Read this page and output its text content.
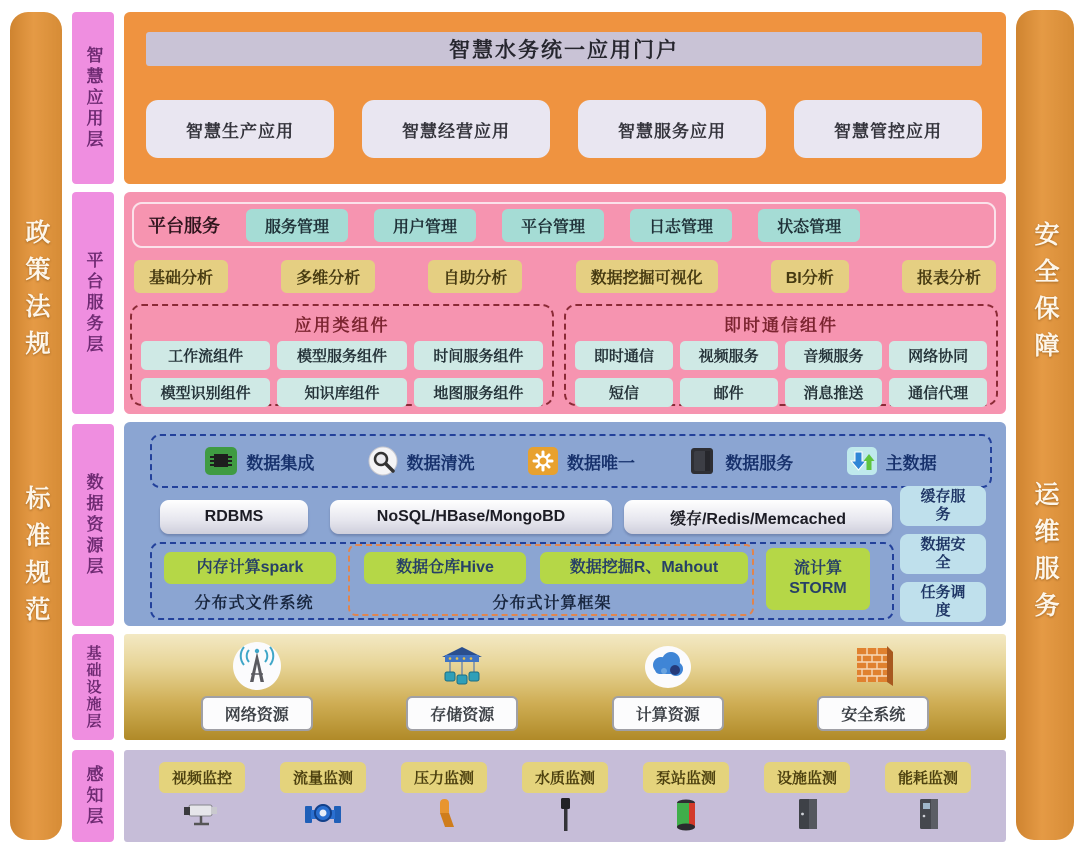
政策法规
标准规范
安全保障
运维服务
智慧应用层
平台服务层
数据资源层
基础设施层
感知层
智慧水务统一应用门户
智慧生产应用	智慧经营应用	智慧服务应用	智慧管控应用
平台服务	服务管理	用户管理	平台管理	日志管理	状态管理
基础分析	多维分析	自助分析	数据挖掘可视化	BI分析	报表分析
应用类组件
工作流组件	模型服务组件	时间服务组件
模型识别组件	知识库组件	地图服务组件
即时通信组件
即时通信	视频服务	音频服务	网络协同
短信	邮件	消息推送	通信代理
数据集成	数据清洗	数据唯一	数据服务	主数据
RDBMS	NoSQL/HBase/MongoBD	缓存/Redis/Memcached
缓存服务
数据安全
任务调度
内存计算spark	数据仓库Hive	数据挖掘R、Mahout	流计算STORM
分布式文件系统	分布式计算框架
网络资源	存储资源	计算资源	安全系统
视频监控	流量监测	压力监测	水质监测	泵站监测	设施监测	能耗监测
